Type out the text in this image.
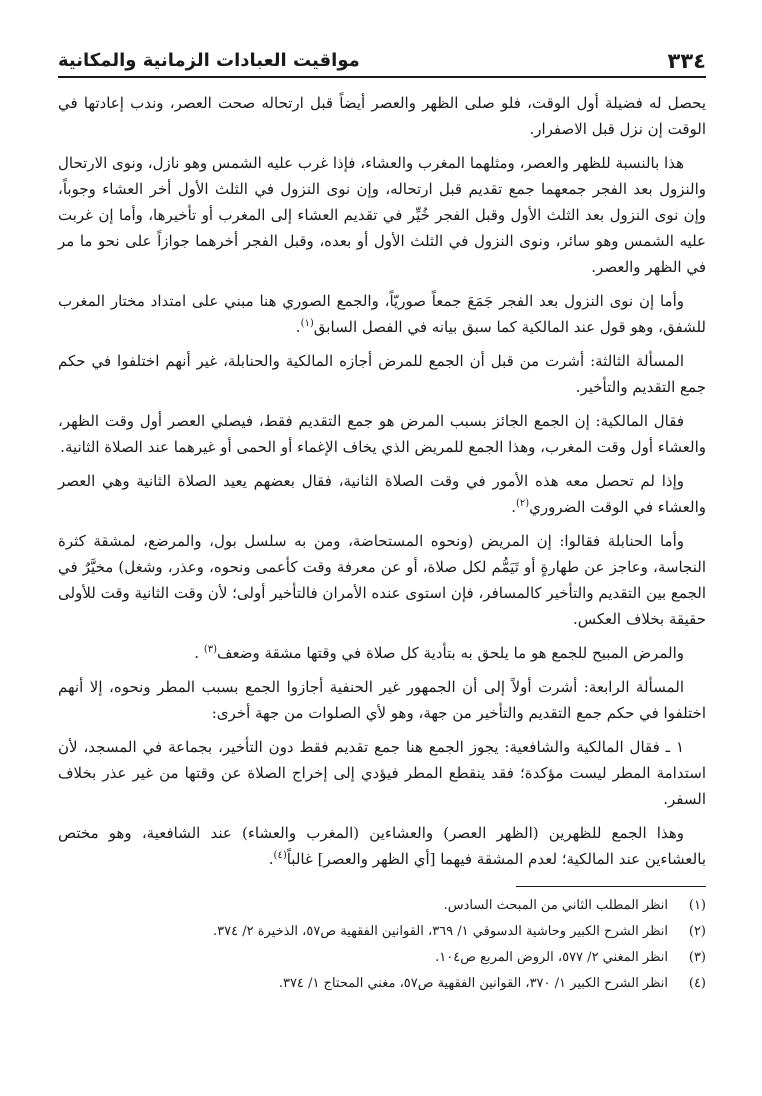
٣٣٤
مواقيت العبادات الزمانية والمكانية

يحصل له فضيلة أول الوقت، فلو صلى الظهر والعصر أيضاً قبل ارتحاله صحت العصر، وندب إعادتها في الوقت إن نزل قبل الاصفرار.

هذا بالنسبة للظهر والعصر، ومثلهما المغرب والعشاء، فإذا غرب عليه الشمس وهو نازل، ونوى الارتحال والنزول بعد الفجر جمعهما جمع تقديم قبل ارتحاله، وإن نوى النزول في الثلث الأول أخر العشاء وجوباً، وإن نوى النزول بعد الثلث الأول وقبل الفجر خُيِّر في تقديم العشاء إلى المغرب أو تأخيرها، وأما إن غربت عليه الشمس وهو سائر، ونوى النزول في الثلث الأول أو بعده، وقبل الفجر أخرهما جوازاً على نحو ما مر في الظهر والعصر.

وأما إن نوى النزول بعد الفجر جَمَعَ جمعاً صوريّاً، والجمع الصوري هنا مبني على امتداد مختار المغرب للشفق، وهو قول عند المالكية كما سبق بيانه في الفصل السابق$^{(١)}$.

المسألة الثالثة: أشرت من قبل أن الجمع للمرض أجازه المالكية والحنابلة، غير أنهم اختلفوا في حكم جمع التقديم والتأخير.

فقال المالكية: إن الجمع الجائز بسبب المرض هو جمع التقديم فقط، فيصلي العصر أول وقت الظهر، والعشاء أول وقت المغرب، وهذا الجمع للمريض الذي يخاف الإغماء أو الحمى أو غيرهما عند الصلاة الثانية.

وإذا لم تحصل معه هذه الأمور في وقت الصلاة الثانية، فقال بعضهم يعيد الصلاة الثانية وهي العصر والعشاء في الوقت الضروري$^{(٢)}$.

وأما الحنابلة فقالوا: إن المريض (ونحوه المستحاضة، ومن به سلسل بول، والمرضع، لمشقة كثرة النجاسة، وعاجز عن طهارةٍ أو تَيَمُّم لكل صلاة، أو عن معرفة وقت كأعمى ونحوه، وعذر، وشغل) مخيَّرٌ في الجمع بين التقديم والتأخير كالمسافر، فإن استوى عنده الأمران فالتأخير أولى؛ لأن وقت الثانية وقت للأولى حقيقة بخلاف العكس.

والمرض المبيح للجمع هو ما يلحق به بتأدية كل صلاة في وقتها مشقة وضعف$^{(٣)}$ .

المسألة الرابعة: أشرت أولاً إلى أن الجمهور غير الحنفية أجازوا الجمع بسبب المطر ونحوه، إلا أنهم اختلفوا في حكم جمع التقديم والتأخير من جهة، وهو لأي الصلوات من جهة أخرى:

١ ـ فقال المالكية والشافعية: يجوز الجمع هنا جمع تقديم فقط دون التأخير، بجماعة في المسجد، لأن استدامة المطر ليست مؤكدة؛ فقد ينقطع المطر فيؤدي إلى إخراج الصلاة عن وقتها من غير عذر بخلاف السفر.

وهذا الجمع للظهرين (الظهر العصر) والعشاءين (المغرب والعشاء) عند الشافعية، وهو مختص بالعشاءين عند المالكية؛ لعدم المشقة فيهما [أي الظهر والعصر] غالباً$^{(٤)}$.

(١)
انظر المطلب الثاني من المبحث السادس.

(٢)
انظر الشرح الكبير وحاشية الدسوقي ١/ ٣٦٩، القوانين الفقهية ص٥٧، الذخيرة ٢/ ٣٧٤.

(٣)
انظر المغني ٢/ ٥٧٧، الروض المربع ص١٠٤.

(٤)
انظر الشرح الكبير ١/ ٣٧٠، القوانين الفقهية ص٥٧، مغني المحتاج ١/ ٣٧٤.
